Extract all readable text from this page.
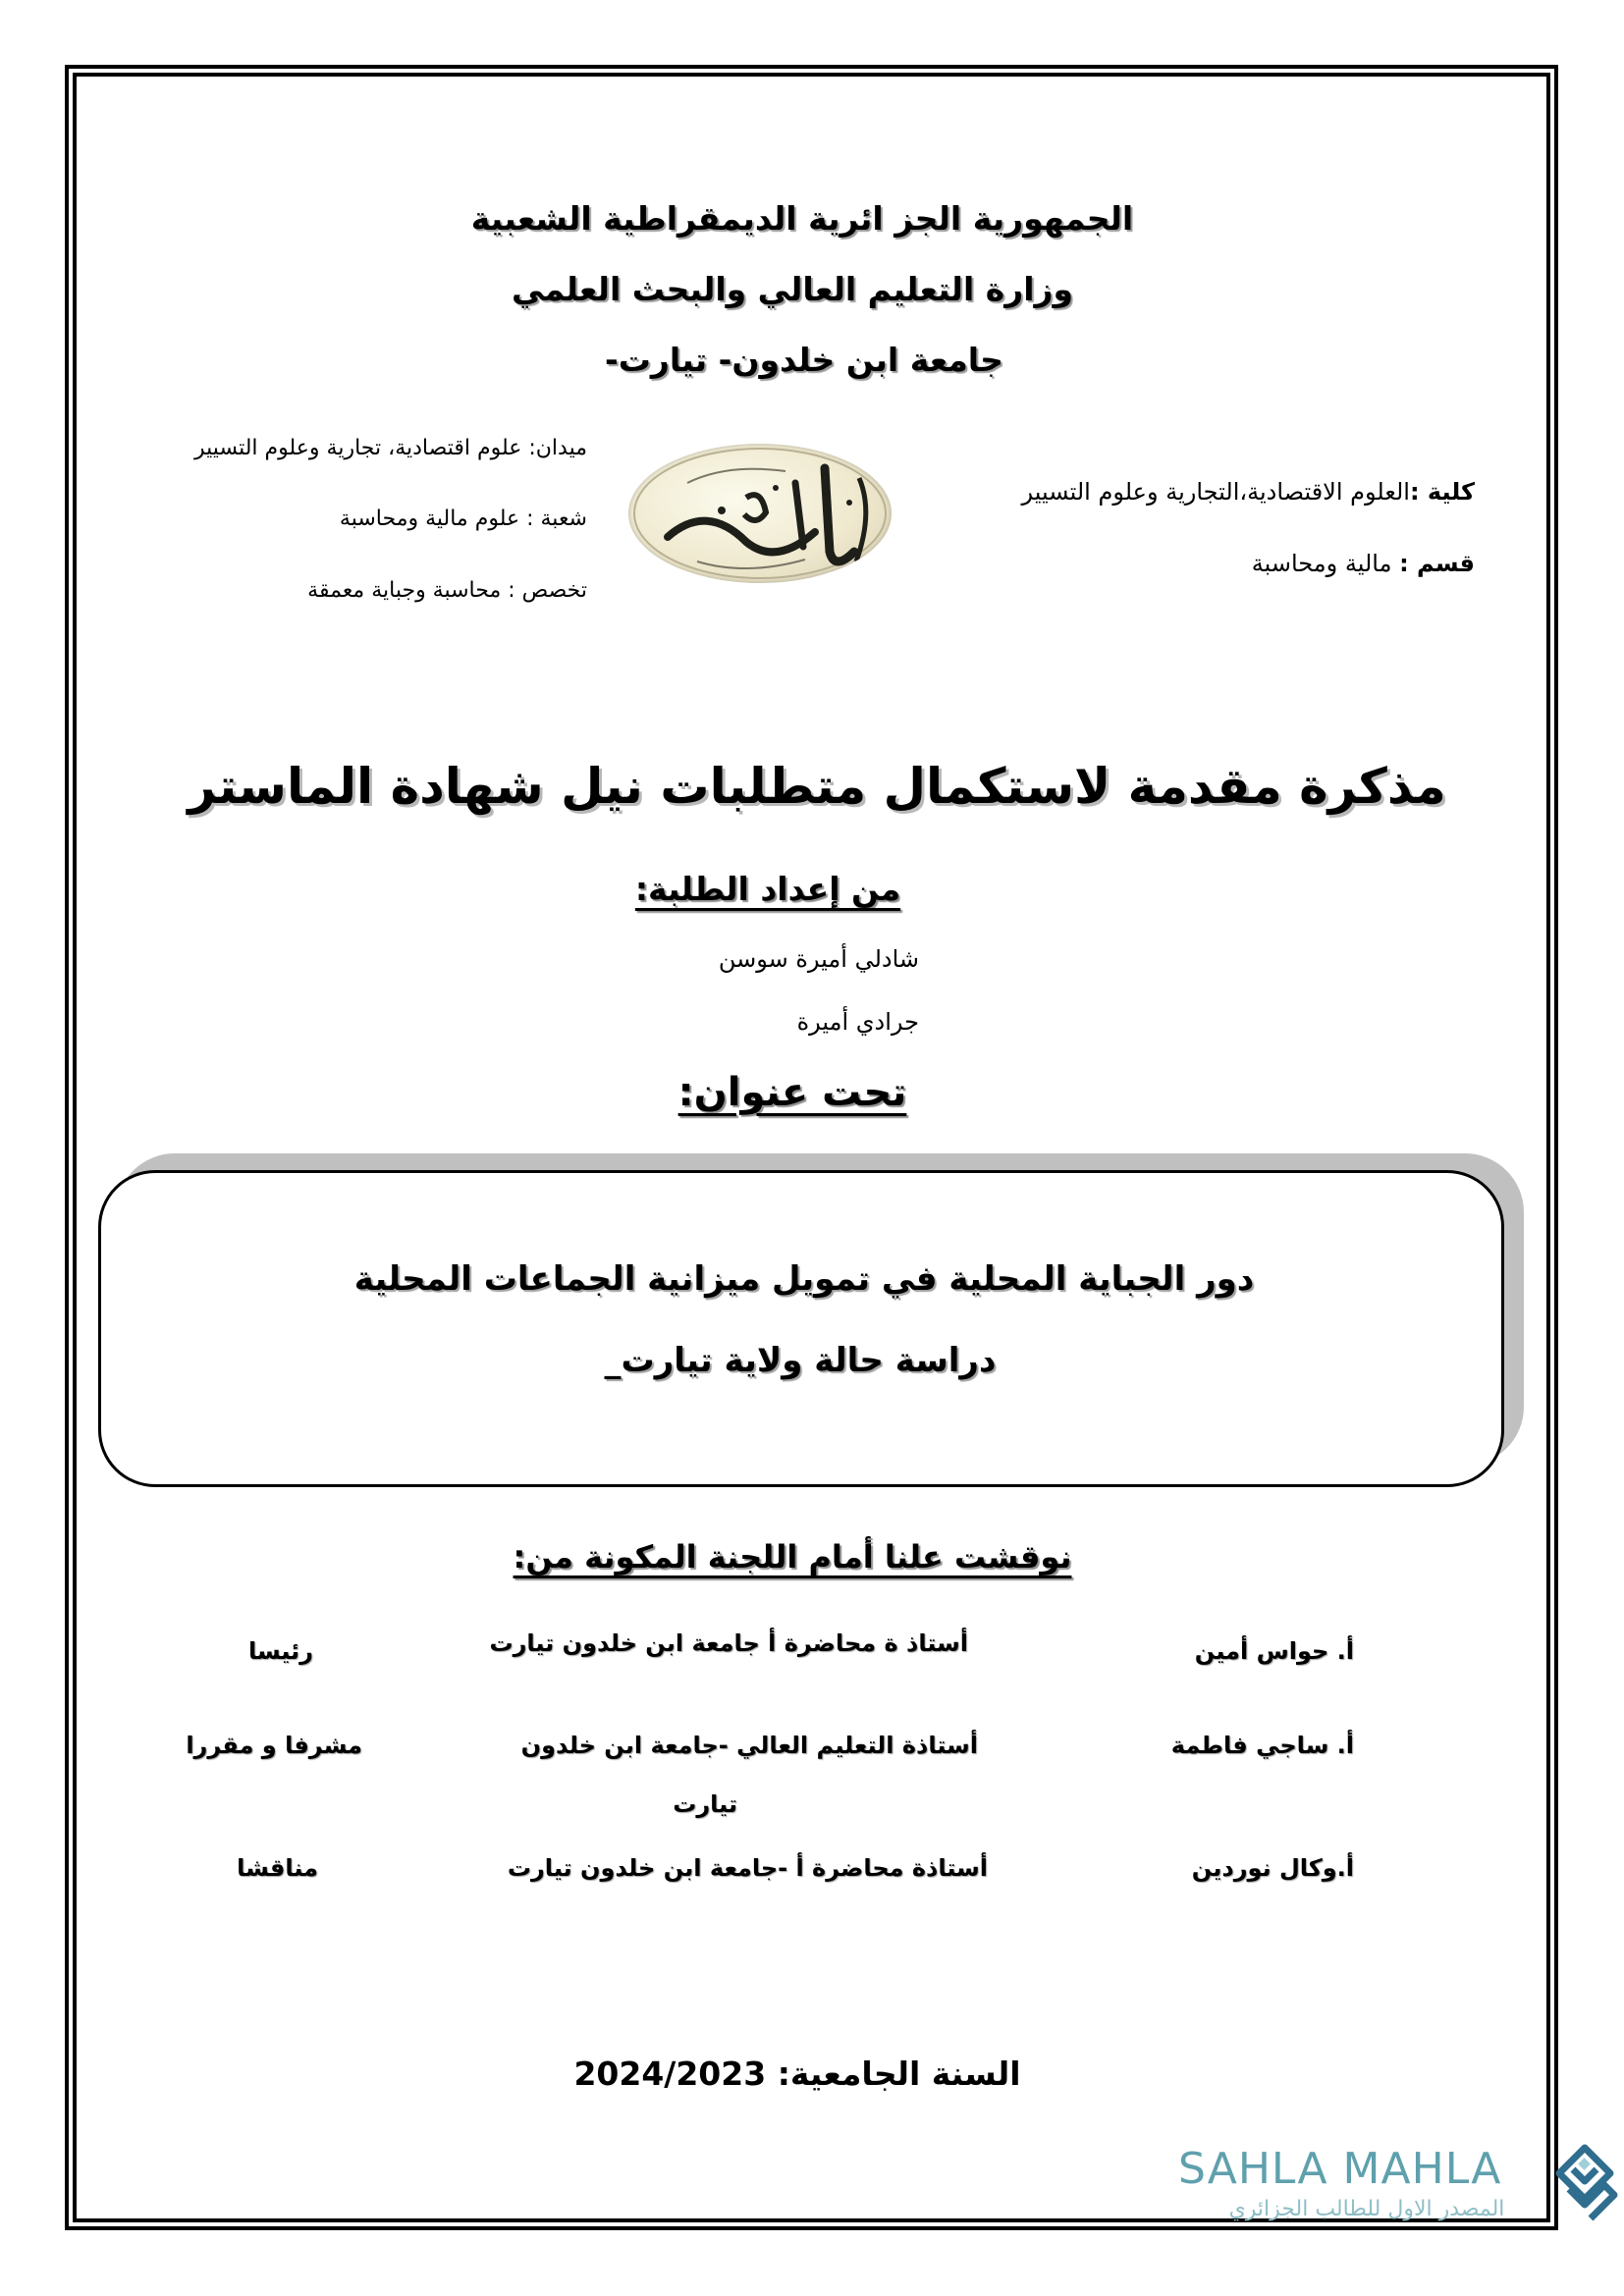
الجمهورية الجز ائرية الديمقراطية الشعبية
وزارة التعليم العالي والبحث العلمي
جامعة ابن خلدون- تيارت-
كلية :العلوم الاقتصادية،التجارية وعلوم التسيير
قسم : مالية ومحاسبة
ميدان: علوم اقتصادية، تجارية وعلوم التسيير
شعبة : علوم مالية ومحاسبة
تخصص : محاسبة وجباية معمقة
مذكرة مقدمة لاستكمال متطلبات نيل شهادة الماستر
من إعداد الطلبة:
شادلي أميرة سوسن
جرادي أميرة
تحت عنوان:
دور الجباية المحلية في تمويل ميزانية الجماعات المحلية
دراسة حالة ولاية تيارت_
نوقشت علنا أمام اللجنة المكونة من:
أ. حواس أمين
أستاذ ة محاضرة أ جامعة ابن خلدون تيارت
رئيسا
أ. ساجي فاطمة
أستاذة التعليم العالي -جامعة ابن خلدون
تيارت
مشرفا و مقررا
أ.وكال نوردين
أستاذة محاضرة أ -جامعة ابن خلدون تيارت
مناقشا
السنة الجامعية: 2024/2023
SAHLA MAHLA
المصدر الاول للطالب الجزائري
